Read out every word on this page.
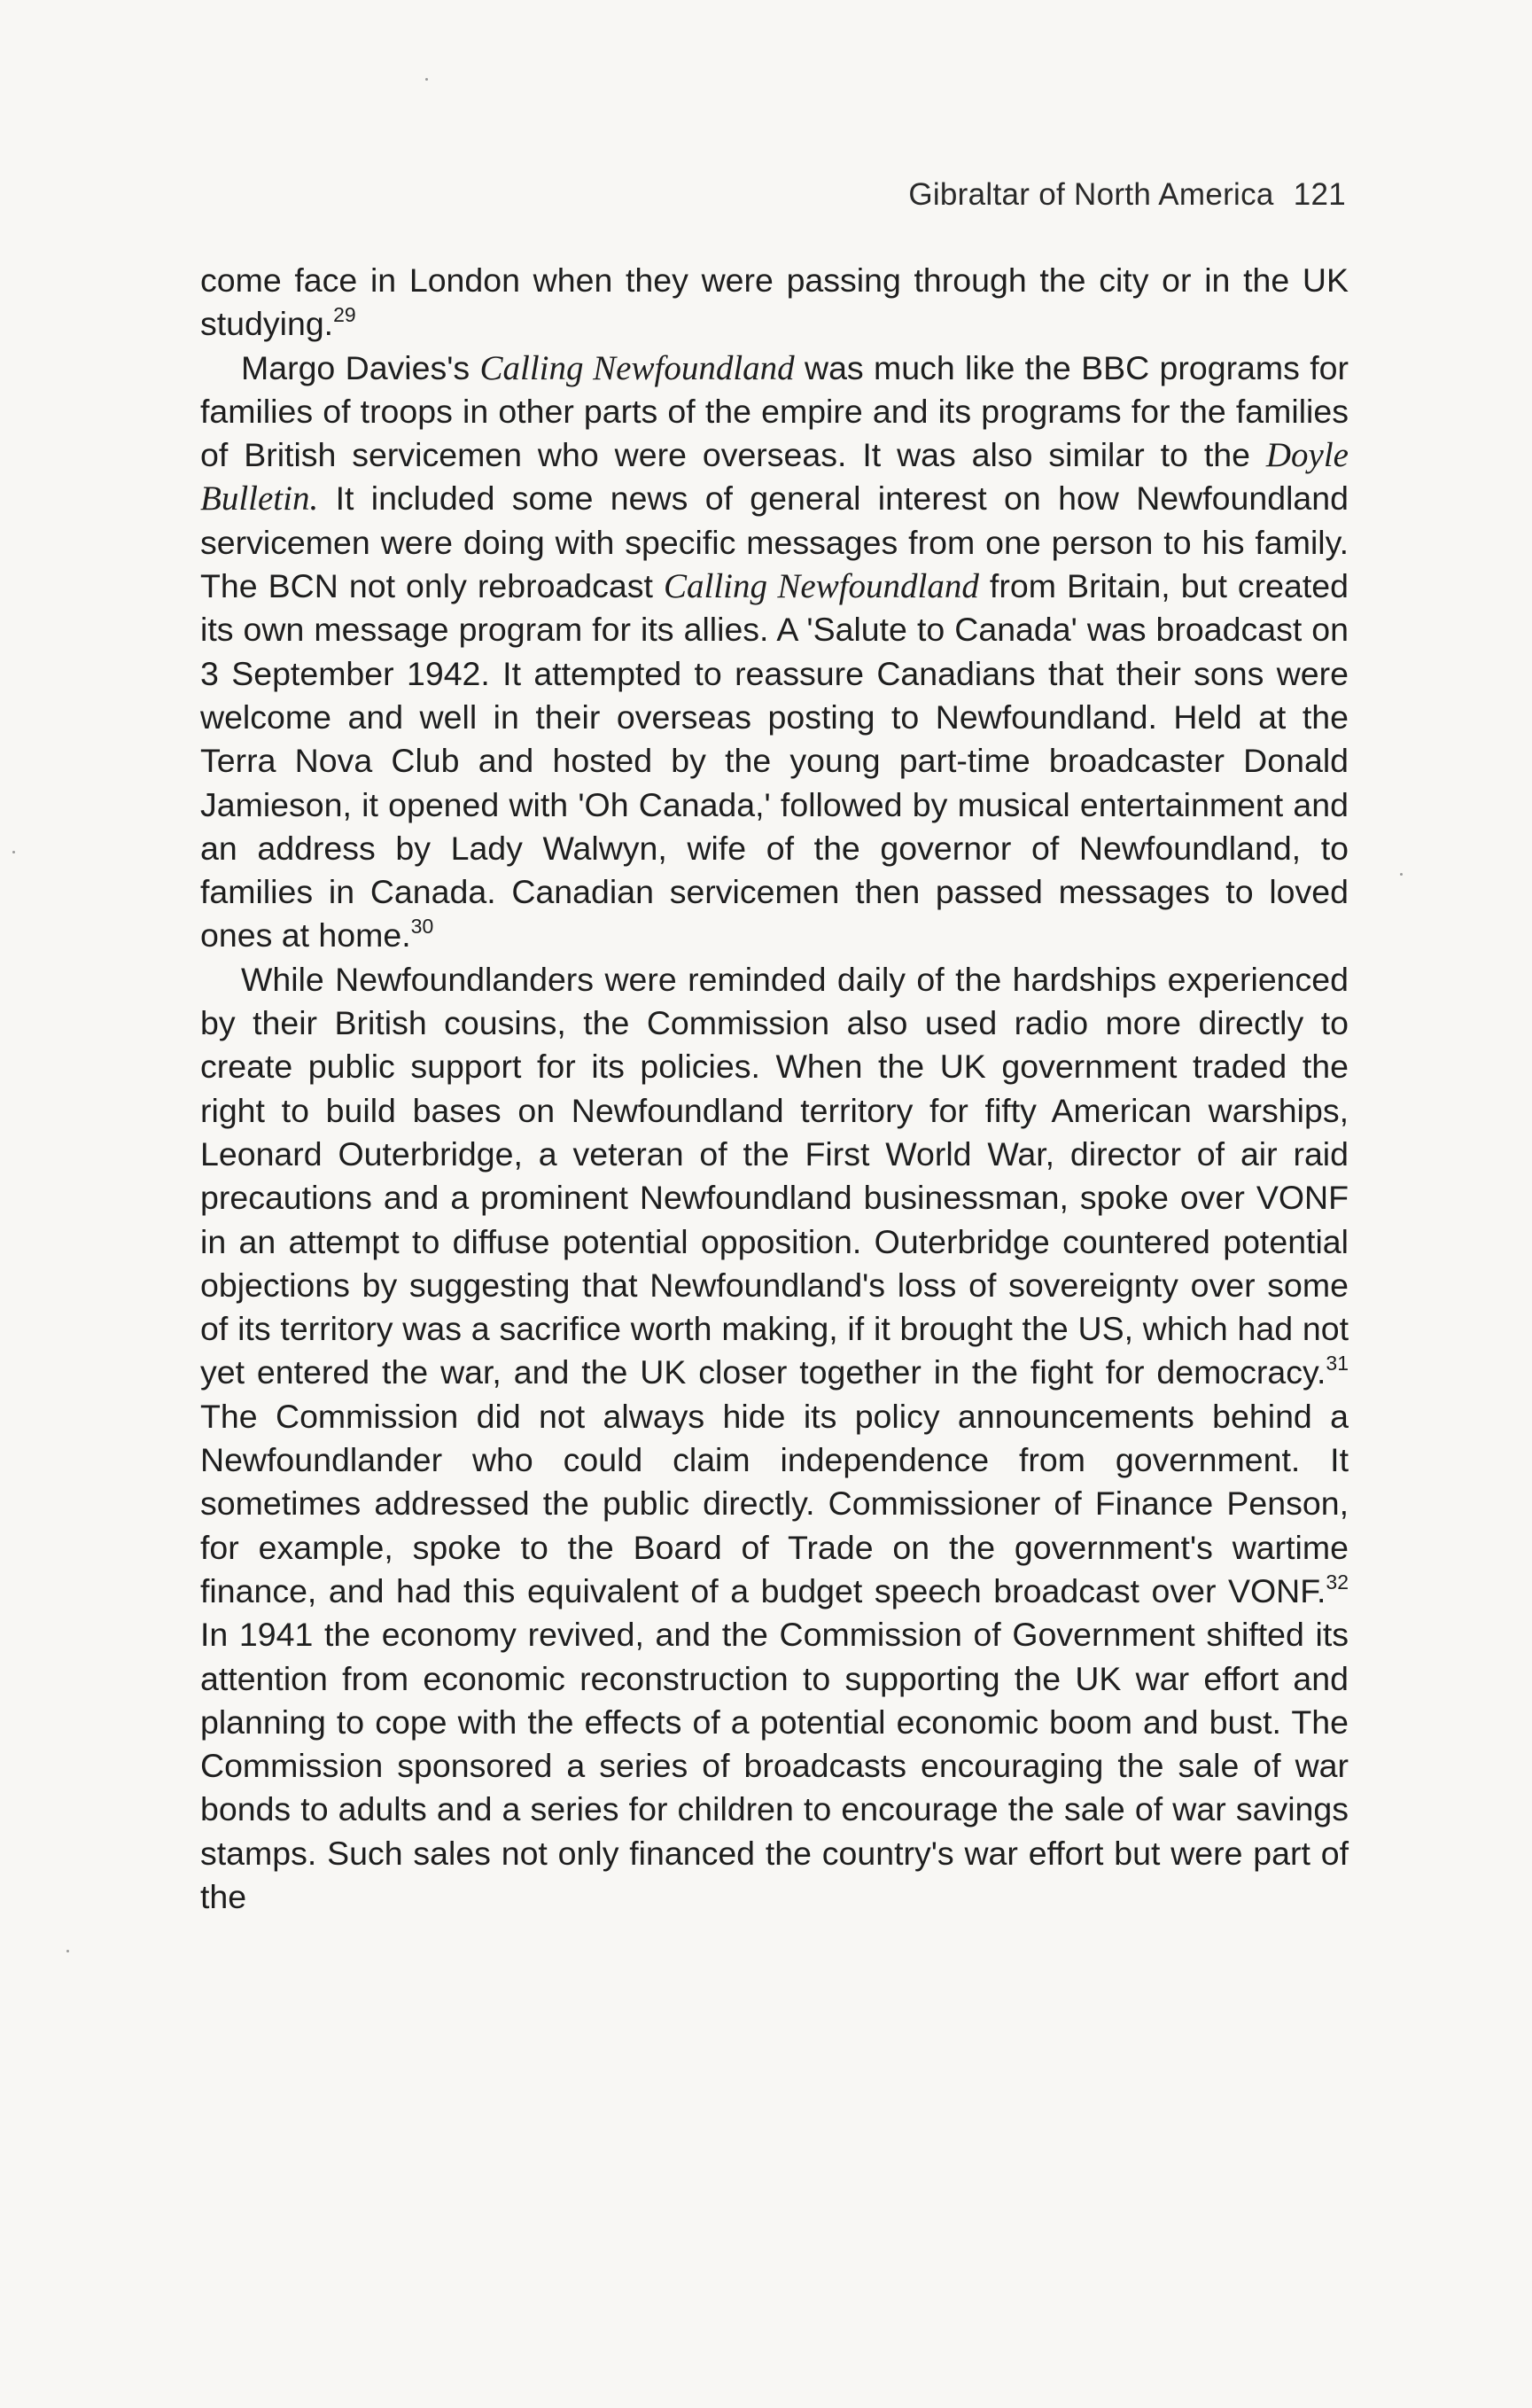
Gibraltar of North America 121

come face in London when they were passing through the city or in the UK studying.$^{29}$

Margo Davies's Calling Newfoundland was much like the BBC programs for families of troops in other parts of the empire and its programs for the families of British servicemen who were overseas. It was also similar to the Doyle Bulletin. It included some news of general interest on how Newfoundland servicemen were doing with specific messages from one person to his family. The BCN not only rebroadcast Calling Newfoundland from Britain, but created its own message program for its allies. A 'Salute to Canada' was broadcast on 3 September 1942. It attempted to reassure Canadians that their sons were welcome and well in their overseas posting to Newfoundland. Held at the Terra Nova Club and hosted by the young part-time broadcaster Donald Jamieson, it opened with 'Oh Canada,' followed by musical entertainment and an address by Lady Walwyn, wife of the governor of Newfoundland, to families in Canada. Canadian servicemen then passed messages to loved ones at home.$^{30}$

While Newfoundlanders were reminded daily of the hardships experienced by their British cousins, the Commission also used radio more directly to create public support for its policies. When the UK government traded the right to build bases on Newfoundland territory for fifty American warships, Leonard Outerbridge, a veteran of the First World War, director of air raid precautions and a prominent Newfoundland businessman, spoke over VONF in an attempt to diffuse potential opposition. Outerbridge countered potential objections by suggesting that Newfoundland's loss of sovereignty over some of its territory was a sacrifice worth making, if it brought the US, which had not yet entered the war, and the UK closer together in the fight for democracy.$^{31}$ The Commission did not always hide its policy announcements behind a Newfoundlander who could claim independence from government. It sometimes addressed the public directly. Commissioner of Finance Penson, for example, spoke to the Board of Trade on the government's wartime finance, and had this equivalent of a budget speech broadcast over VONF.$^{32}$ In 1941 the economy revived, and the Commission of Government shifted its attention from economic reconstruction to supporting the UK war effort and planning to cope with the effects of a potential economic boom and bust. The Commission sponsored a series of broadcasts encouraging the sale of war bonds to adults and a series for children to encourage the sale of war savings stamps. Such sales not only financed the country's war effort but were part of the
